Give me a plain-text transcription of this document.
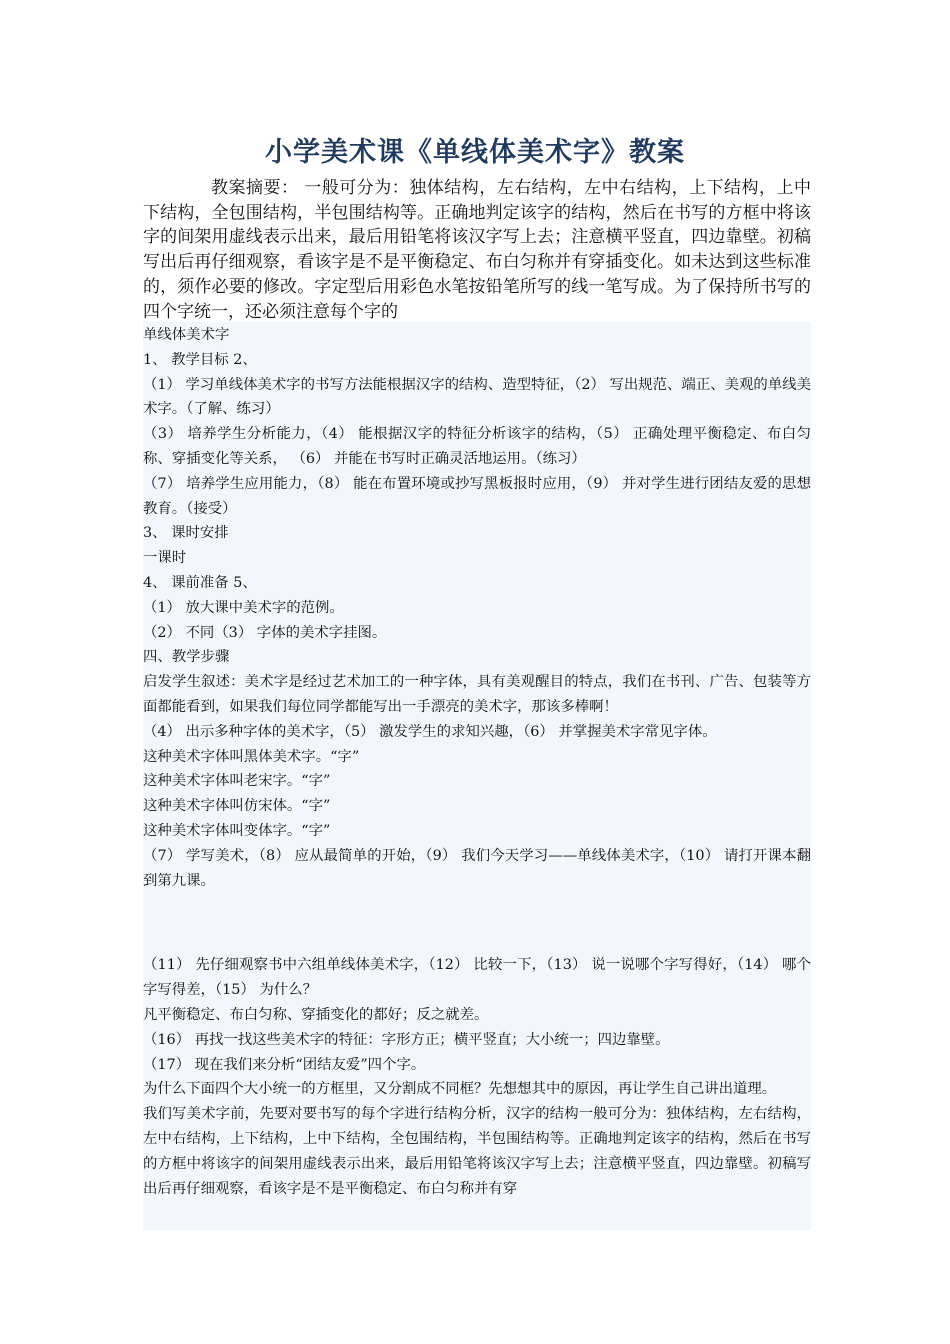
小学美术课《单线体美术字》教案
教案摘要： 一般可分为：独体结构，左右结构，左中右结构，上下结构，上中下结构，全包围结构，半包围结构等。正确地判定该字的结构，然后在书写的方框中将该字的间架用虚线表示出来，最后用铅笔将该汉字写上去；注意横平竖直，四边靠壁。初稿写出后再仔细观察，看该字是不是平衡稳定、布白匀称并有穿插变化。如未达到这些标准的，须作必要的修改。字定型后用彩色水笔按铅笔所写的线一笔写成。为了保持所书写的四个字统一，还必须注意每个字的

单线体美术字

1、 教学目标 2、

（1） 学习单线体美术字的书写方法能根据汉字的结构、造型特征，（2） 写出规范、端正、美观的单线美术字。（了解、练习）

（3） 培养学生分析能力，（4） 能根据汉字的特征分析该字的结构，（5） 正确处理平衡稳定、布白匀称、穿插变化等关系， （6） 并能在书写时正确灵活地运用。（练习）

（7） 培养学生应用能力，（8） 能在布置环境或抄写黑板报时应用，（9） 并对学生进行团结友爱的思想教育。（接受）

3、 课时安排

一课时

4、 课前准备 5、

（1） 放大课中美术字的范例。

（2） 不同（3） 字体的美术字挂图。

四、教学步骤

启发学生叙述：美术字是经过艺术加工的一种字体，具有美观醒目的特点，我们在书刊、广告、包装等方面都能看到，如果我们每位同学都能写出一手漂亮的美术字，那该多棒啊！

（4） 出示多种字体的美术字，（5） 激发学生的求知兴趣，（6） 并掌握美术字常见字体。

这种美术字体叫黑体美术字。“字”

这种美术字体叫老宋字。“字”

这种美术字体叫仿宋体。“字”

这种美术字体叫变体字。“字”

（7） 学写美术，（8） 应从最简单的开始，（9） 我们今天学习——单线体美术字，（10） 请打开课本翻到第九课。

（11） 先仔细观察书中六组单线体美术字，（12） 比较一下，（13） 说一说哪个字写得好，（14） 哪个字写得差，（15） 为什么？

凡平衡稳定、布白匀称、穿插变化的都好；反之就差。

（16） 再找一找这些美术字的特征：字形方正；横平竖直；大小统一；四边靠壁。

（17） 现在我们来分析“团结友爱”四个字。

为什么下面四个大小统一的方框里，又分割成不同框？先想想其中的原因，再让学生自己讲出道理。

我们写美术字前，先要对要书写的每个字进行结构分析，汉字的结构一般可分为：独体结构，左右结构，左中右结构，上下结构，上中下结构，全包围结构，半包围结构等。正确地判定该字的结构，然后在书写的方框中将该字的间架用虚线表示出来，最后用铅笔将该汉字写上去；注意横平竖直，四边靠壁。初稿写出后再仔细观察，看该字是不是平衡稳定、布白匀称并有穿
